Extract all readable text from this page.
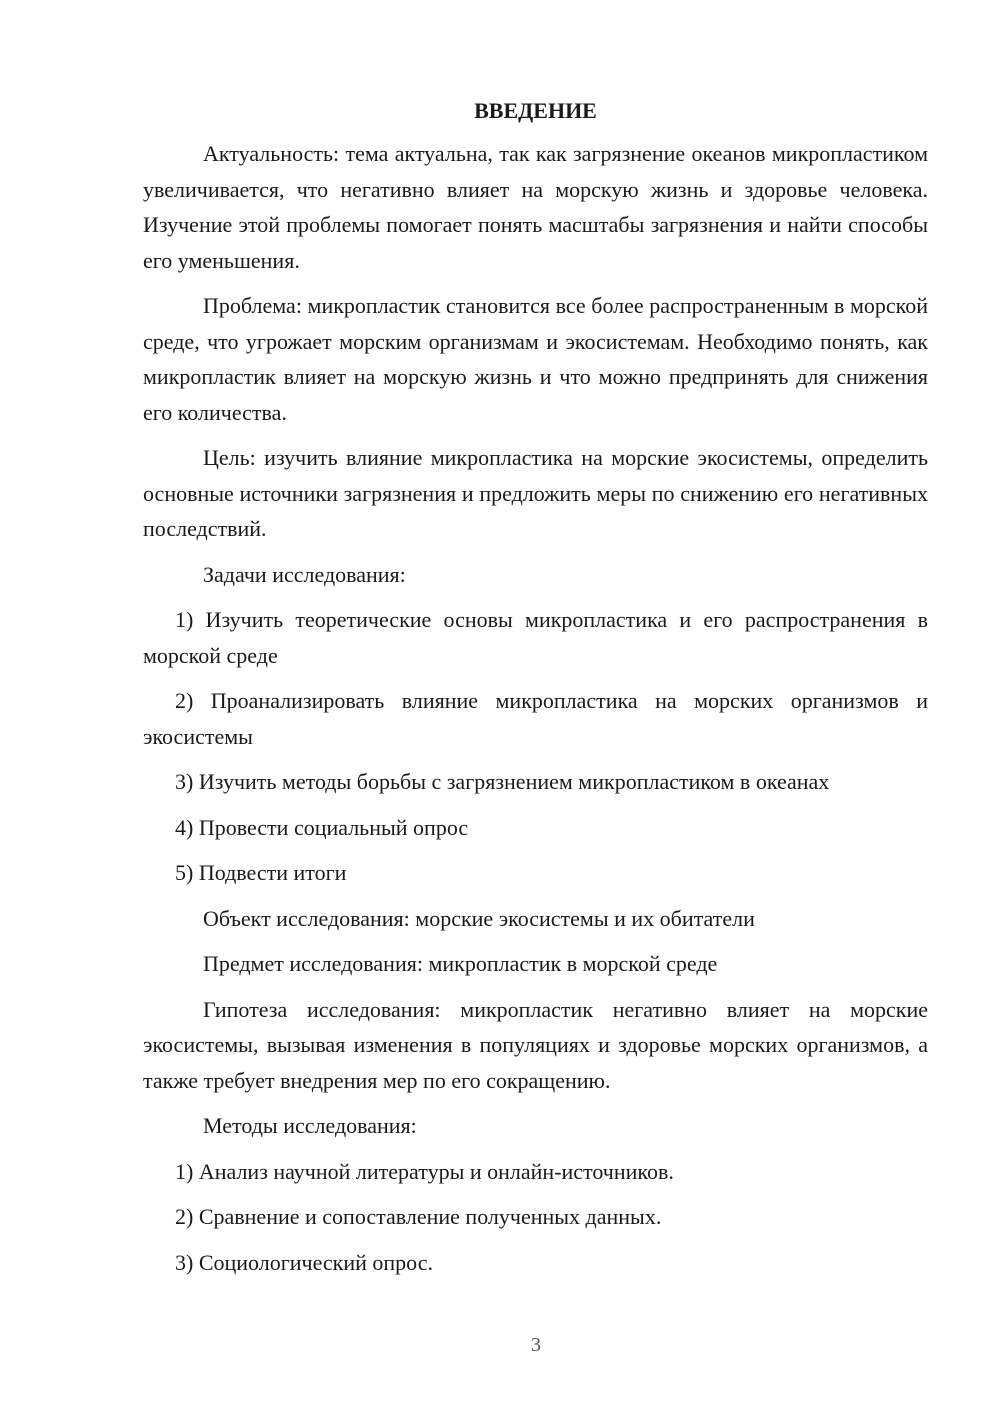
ВВЕДЕНИЕ

Актуальность: тема актуальна, так как загрязнение океанов микропластиком увеличивается, что негативно влияет на морскую жизнь и здоровье человека. Изучение этой проблемы помогает понять масштабы загрязнения и найти способы его уменьшения.

Проблема: микропластик становится все более распространенным в морской среде, что угрожает морским организмам и экосистемам. Необходимо понять, как микропластик влияет на морскую жизнь и что можно предпринять для снижения его количества.

Цель: изучить влияние микропластика на морские экосистемы, определить основные источники загрязнения и предложить меры по снижению его негативных последствий.

Задачи исследования:

1) Изучить теоретические основы микропластика и его распространения в морской среде

2) Проанализировать влияние микропластика на морских организмов и экосистемы

3) Изучить методы борьбы с загрязнением микропластиком в океанах

4) Провести социальный опрос

5) Подвести итоги

Объект исследования: морские экосистемы и их обитатели

Предмет исследования: микропластик в морской среде

Гипотеза исследования: микропластик негативно влияет на морские экосистемы, вызывая изменения в популяциях и здоровье морских организмов, а также требует внедрения мер по его сокращению.

Методы исследования:

1) Анализ научной литературы и онлайн-источников.

2) Сравнение и сопоставление полученных данных.

3) Социологический опрос.

3
